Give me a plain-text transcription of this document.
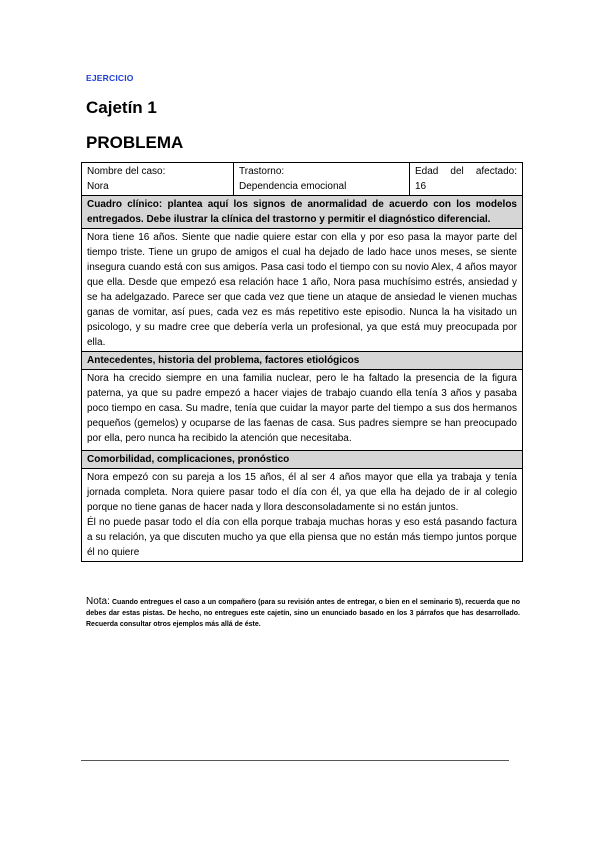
EJERCICIO
Cajetín 1
PROBLEMA
Nombre del caso:
Nora

Trastorno:
Dependencia emocional

Edad del afectado:
16

Cuadro clínico: plantea aquí los signos de anormalidad de acuerdo con los modelos entregados. Debe ilustrar la clínica del trastorno y permitir el diagnóstico diferencial.
Nora tiene 16 años. Siente que nadie quiere estar con ella y por eso pasa la mayor parte del tiempo triste. Tiene un grupo de amigos el cual ha dejado de lado hace unos meses, se siente insegura cuando está con sus amigos. Pasa casi todo el tiempo con su novio Alex, 4 años mayor que ella. Desde que empezó esa relación hace 1 año, Nora pasa muchísimo estrés, ansiedad y se ha adelgazado. Parece ser que cada vez que tiene un ataque de ansiedad le vienen muchas ganas de vomitar, así pues, cada vez es más repetitivo este episodio. Nunca la ha visitado un psicologo, y su madre cree que debería verla un profesional, ya que está muy preocupada por ella.
Antecedentes, historia del problema, factores etiológicos
Nora ha crecido siempre en una familia nuclear, pero le ha faltado la presencia de la figura paterna, ya que su padre empezó a hacer viajes de trabajo cuando ella tenía 3 años y pasaba poco tiempo en casa. Su madre, tenía que cuidar la mayor parte del tiempo a sus dos hermanos pequeños (gemelos) y ocuparse de las faenas de casa. Sus padres siempre se han preocupado por ella, pero nunca ha recibido la atención que necesitaba.
Comorbilidad, complicaciones, pronóstico

Nora empezó con su pareja a los 15 años, él al ser 4 años mayor que ella ya trabaja y tenía jornada completa. Nora quiere pasar todo el día con él, ya que ella ha dejado de ir al colegio porque no tiene ganas de hacer nada y llora desconsoladamente si no están juntos.
Él no puede pasar todo el día con ella porque trabaja muchas horas y eso está pasando factura a su relación, ya que discuten mucho ya que ella piensa que no están más tiempo juntos porque él no quiere
Nota: Cuando entregues el caso a un compañero (para su revisión antes de entregar, o bien en el seminario 5), recuerda que no debes dar estas pistas. De hecho, no entregues este cajetín, sino un enunciado basado en los 3 párrafos que has desarrollado. Recuerda consultar otros ejemplos más allá de éste.
